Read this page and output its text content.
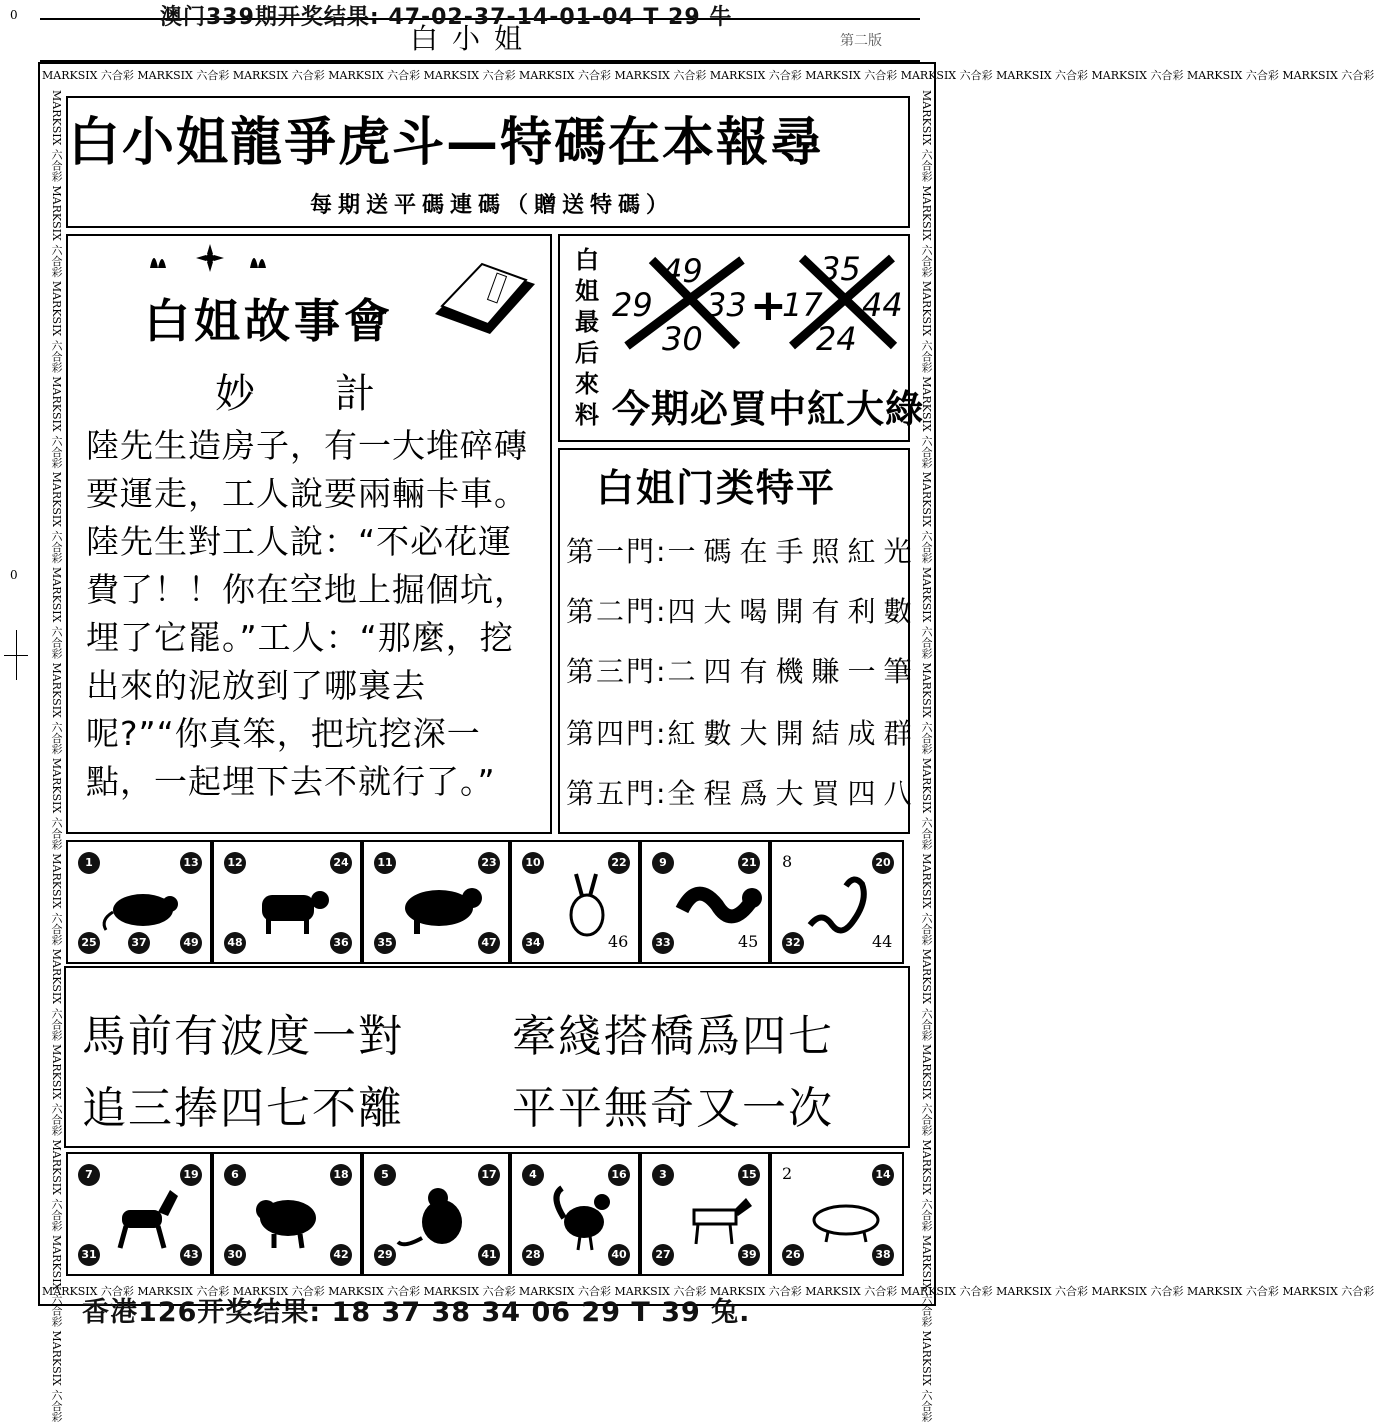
0
0
白小姐	第二版
澳门339期开奖结果: 47-02-37-14-01-04 T 29 牛
MARKSIX 六合彩 MARKSIX 六合彩 MARKSIX 六合彩 MARKSIX 六合彩 MARKSIX 六合彩 MARKSIX 六合彩 MARKSIX 六合彩 MARKSIX 六合彩 MARKSIX 六合彩 MARKSIX 六合彩 MARKSIX 六合彩 MARKSIX 六合彩 MARKSIX 六合彩 MARKSIX 六合彩
MARKSIX 六合彩 MARKSIX 六合彩 MARKSIX 六合彩 MARKSIX 六合彩 MARKSIX 六合彩 MARKSIX 六合彩 MARKSIX 六合彩 MARKSIX 六合彩 MARKSIX 六合彩 MARKSIX 六合彩 MARKSIX 六合彩 MARKSIX 六合彩 MARKSIX 六合彩 MARKSIX 六合彩
MARKSIX 六合彩 MARKSIX 六合彩 MARKSIX 六合彩 MARKSIX 六合彩 MARKSIX 六合彩 MARKSIX 六合彩 MARKSIX 六合彩 MARKSIX 六合彩 MARKSIX 六合彩 MARKSIX 六合彩 MARKSIX 六合彩 MARKSIX 六合彩 MARKSIX 六合彩 MARKSIX 六合彩	MARKSIX 六合彩 MARKSIX 六合彩 MARKSIX 六合彩 MARKSIX 六合彩 MARKSIX 六合彩 MARKSIX 六合彩 MARKSIX 六合彩 MARKSIX 六合彩 MARKSIX 六合彩 MARKSIX 六合彩 MARKSIX 六合彩 MARKSIX 六合彩 MARKSIX 六合彩 MARKSIX 六合彩
白小姐龍爭虎斗—特碼在本報尋
每期送平碼連碼（贈送特碼）
白姐故事會
妙計
陸先生造房子，有一大堆碎磚要運走，工人說要兩輛卡車。陸先生對工人說：“不必花運費了！！你在空地上掘個坑，埋了它罷。”工人：“那麼，挖出來的泥放到了哪裏去呢?”“你真笨，把坑挖深一點，一起埋下去不就行了。”
白姐最后來料
29
49
33
30
+
17
35
44
24
今期必買中紅大綠
白姐门类特平
第一門:一碼在手照紅光
第二門:四大喝開有利數
第三門:二四有機賺一筆
第四門:紅數大開結成群
第五門:全程爲大買四八
1	13
25	37	49
12	24
48	36
11	23
35	47
10	22
34	46
9	21
33	45
8	20
32	44
馬前有波度一對 牽綫搭橋爲四七
追三捧四七不離 平平無奇又一次
7	19
31	43
6	18
30	42
5	17
29	41
4	16
28	40
3	15
27	39
2	14
26	38
香港126开奖结果: 18 37 38 34 06 29 T 39 兔.
